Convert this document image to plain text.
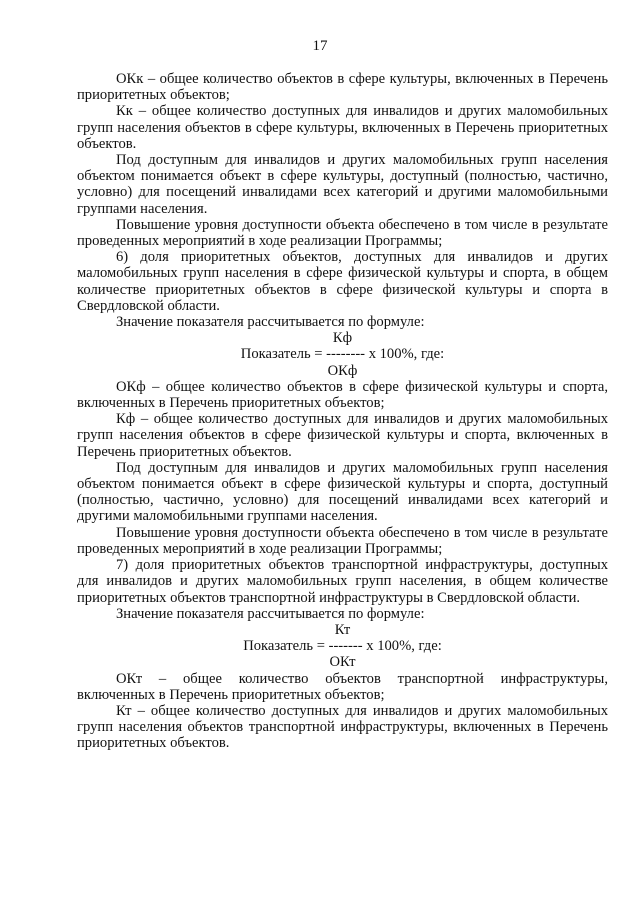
17

ОКк – общее количество объектов в сфере культуры, включенных в Перечень приоритетных объектов;

Кк – общее количество доступных для инвалидов и других маломобильных групп населения объектов в сфере культуры, включенных в Перечень приоритетных объектов.

Под доступным для инвалидов и других маломобильных групп населения объектом понимается объект в сфере культуры, доступный (полностью, частично, условно) для посещений инвалидами всех категорий и другими маломобильными группами населения.

Повышение уровня доступности объекта обеспечено в том числе в результате проведенных мероприятий в ходе реализации Программы;

6) доля приоритетных объектов, доступных для инвалидов и других маломобильных групп населения в сфере физической культуры и спорта, в общем количестве приоритетных объектов в сфере физической культуры и спорта в Свердловской области.

Значение показателя рассчитывается по формуле:

Кф

Показатель = -------- x 100%, где:

ОКф

ОКф – общее количество объектов в сфере физической культуры и спорта, включенных в Перечень приоритетных объектов;

Кф – общее количество доступных для инвалидов и других маломобильных групп населения объектов в сфере физической культуры и спорта, включенных в Перечень приоритетных объектов.

Под доступным для инвалидов и других маломобильных групп населения объектом понимается объект в сфере физической культуры и спорта, доступный (полностью, частично, условно) для посещений инвалидами всех категорий и другими маломобильными группами населения.

Повышение уровня доступности объекта обеспечено в том числе в результате проведенных мероприятий в ходе реализации Программы;

7) доля приоритетных объектов транспортной инфраструктуры, доступных для инвалидов и других маломобильных групп населения, в общем количестве приоритетных объектов транспортной инфраструктуры в Свердловской области.

Значение показателя рассчитывается по формуле:

Кт

Показатель = ------- x 100%, где:

ОКт

ОКт – общее количество объектов транспортной инфраструктуры, включенных в Перечень приоритетных объектов;

Кт – общее количество доступных для инвалидов и других маломобильных групп населения объектов транспортной инфраструктуры, включенных в Перечень приоритетных объектов.
